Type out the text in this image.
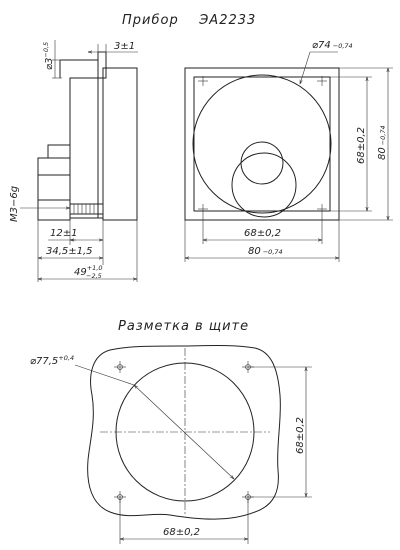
Прибор    ЭА2233
$⌀3^{-0,5}$	3±1
M3−6g
12±1
34,5±1,5
$49^{+1,0}$
−2,5
⌀74 −0,74
68±0,2 80−0,74
68±0,2
80 −0,74
Разметка в щите
$⌀77,5^{+0,4}$
68±0,2
68±0,2
